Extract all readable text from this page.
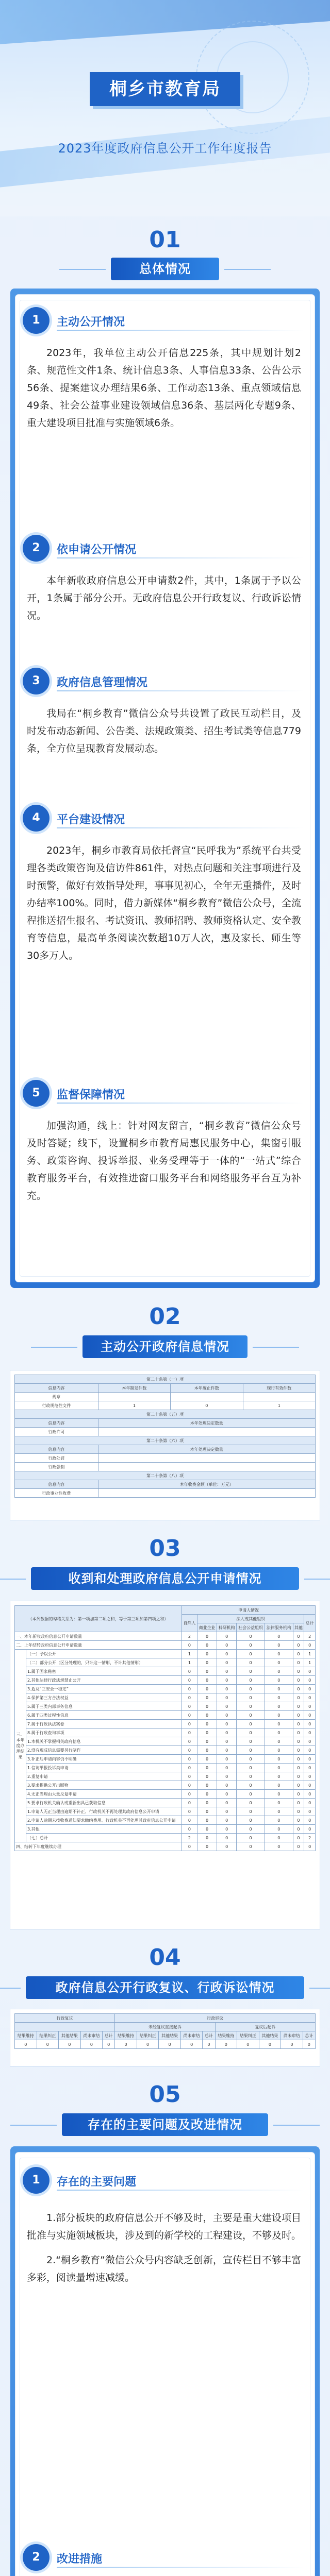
桐乡市教育局
2023年度政府信息公开工作年度报告
01
总体情况
1	主动公开情况
2023年，我单位主动公开信息225条，其中规划计划2条、规范性文件1条、统计信息3条、人事信息33条、公告公示56条、提案建议办理结果6条、工作动态13条、重点领域信息49条、社会公益事业建设领域信息36条、基层两化专题9条、重大建设项目批准与实施领域6条。
2	依申请公开情况
本年新收政府信息公开申请数2件，其中，1条属于予以公开，1条属于部分公开。无政府信息公开行政复议、行政诉讼情况。
3	政府信息管理情况
我局在“桐乡教育”微信公众号共设置了政民互动栏目，及时发布动态新闻、公告类、法规政策类、招生考试类等信息779条，全方位呈现教育发展动态。
4	平台建设情况
2023年，桐乡市教育局依托督宣“民呼我为”系统平台共受理各类政策咨询及信访件861件，对热点问题和关注事项进行及时预警，做好有效指导处理，事事见初心，全年无重播件，及时办结率100%。同时，借力新媒体“桐乡教育”微信公众号，全流程推送招生报名、考试资讯、教师招聘、教师资格认定、安全教育等信息，最高单条阅读次数超10万人次，惠及家长、师生等30多万人。
5	监督保障情况
加强沟通，线上：针对网友留言，“桐乡教育”微信公众号及时答疑；线下，设置桐乡市教育局惠民服务中心，集窗引服务、政策咨询、投诉举报、业务受理等于一体的“一站式”综合教育服务平台，有效推进窗口服务平台和网络服务平台互为补充。
02
主动公开政府信息情况
第二十条第（一）项			
信息内容	本年制发件数	本年废止件数	现行有效件数
规章			
行政规范性文件	1	0	1
第二十条第（五）项			
信息内容	本年处理决定数量		
行政许可			
第二十条第（六）项			
信息内容	本年处理决定数量		
行政处罚			
行政强制			
第二十条第（八）项			
信息内容	本年收费金额（单位：万元）		
行政事业性收费			
03
收到和处理政府信息公开申请情况
（本列数据的勾稽关系为：第一项加第二项之和，等于第三项加第四项之和）		申请人情况						
		自然人	法人或其他组织					总计
			商业企业	科研机构	社会公益组织	法律服务机构	其他	
一、本年新收政府信息公开申请数量		2	0	0	0	0	0	2
二、上年结转政府信息公开申请数量		0	0	0	0	0	0	0
三、本年度办理结果	（一）予以公开	1	0	0	0	0	0	1
	（二）部分公开（区分处理的，只计这一情形，不计其他情形）	1	0	0	0	0	0	1
	1.属于国家秘密	0	0	0	0	0	0	0
	2.其他法律行政法规禁止公开	0	0	0	0	0	0	0
	3.危及“三安全一稳定”	0	0	0	0	0	0	0
	4.保护第三方合法权益	0	0	0	0	0	0	0
	5.属于三类内部事务信息	0	0	0	0	0	0	0
	6.属于四类过程性信息	0	0	0	0	0	0	0
	7.属于行政执法案卷	0	0	0	0	0	0	0
	8.属于行政查询事项	0	0	0	0	0	0	0
	1.本机关不掌握相关政府信息	0	0	0	0	0	0	0
	2.没有现成信息需要另行制作	0	0	0	0	0	0	0
	3.补正后申请内容仍不明确	0	0	0	0	0	0	0
	1.信访举报投诉类申请	0	0	0	0	0	0	0
	2.重复申请	0	0	0	0	0	0	0
	3.要求提供公开出版物	0	0	0	0	0	0	0
	4.无正当理由大量反复申请	0	0	0	0	0	0	0
	5.要求行政机关确认或重新出具已获取信息	0	0	0	0	0	0	0
	1.申请人无正当理由逾期不补正、行政机关不再处理其政府信息公开申请	0	0	0	0	0	0	0
	2.申请人逾期未按收费通知要求缴纳费用、行政机关不再处理其政府信息公开申请	0	0	0	0	0	0	0
	3.其他	0	0	0	0	0	0	0
	（七）总计	2	0	0	0	0	0	2
四、结转下年度继续办理		0	0	0	0	0	0	0
04
政府信息公开行政复议、行政诉讼情况
行政复议					行政诉讼									
					未经复议直接起诉					复议后起诉				
结果维持	结果纠正	其他结果	尚未审结	总计	结果维持	结果纠正	其他结果	尚未审结	总计	结果维持	结果纠正	其他结果	尚未审结	总计
0	0	0	0	0	0	0	0	0	0	0	0	0	0	0
05
存在的主要问题及改进情况
1	存在的主要问题
1.部分板块的政府信息公开不够及时，主要是重大建设项目批准与实施领域板块，涉及到的新学校的工程建设，不够及时。
2.“桐乡教育”微信公众号内容缺乏创新，宣传栏目不够丰富多彩，阅读量增速减缓。
2	改进措施
